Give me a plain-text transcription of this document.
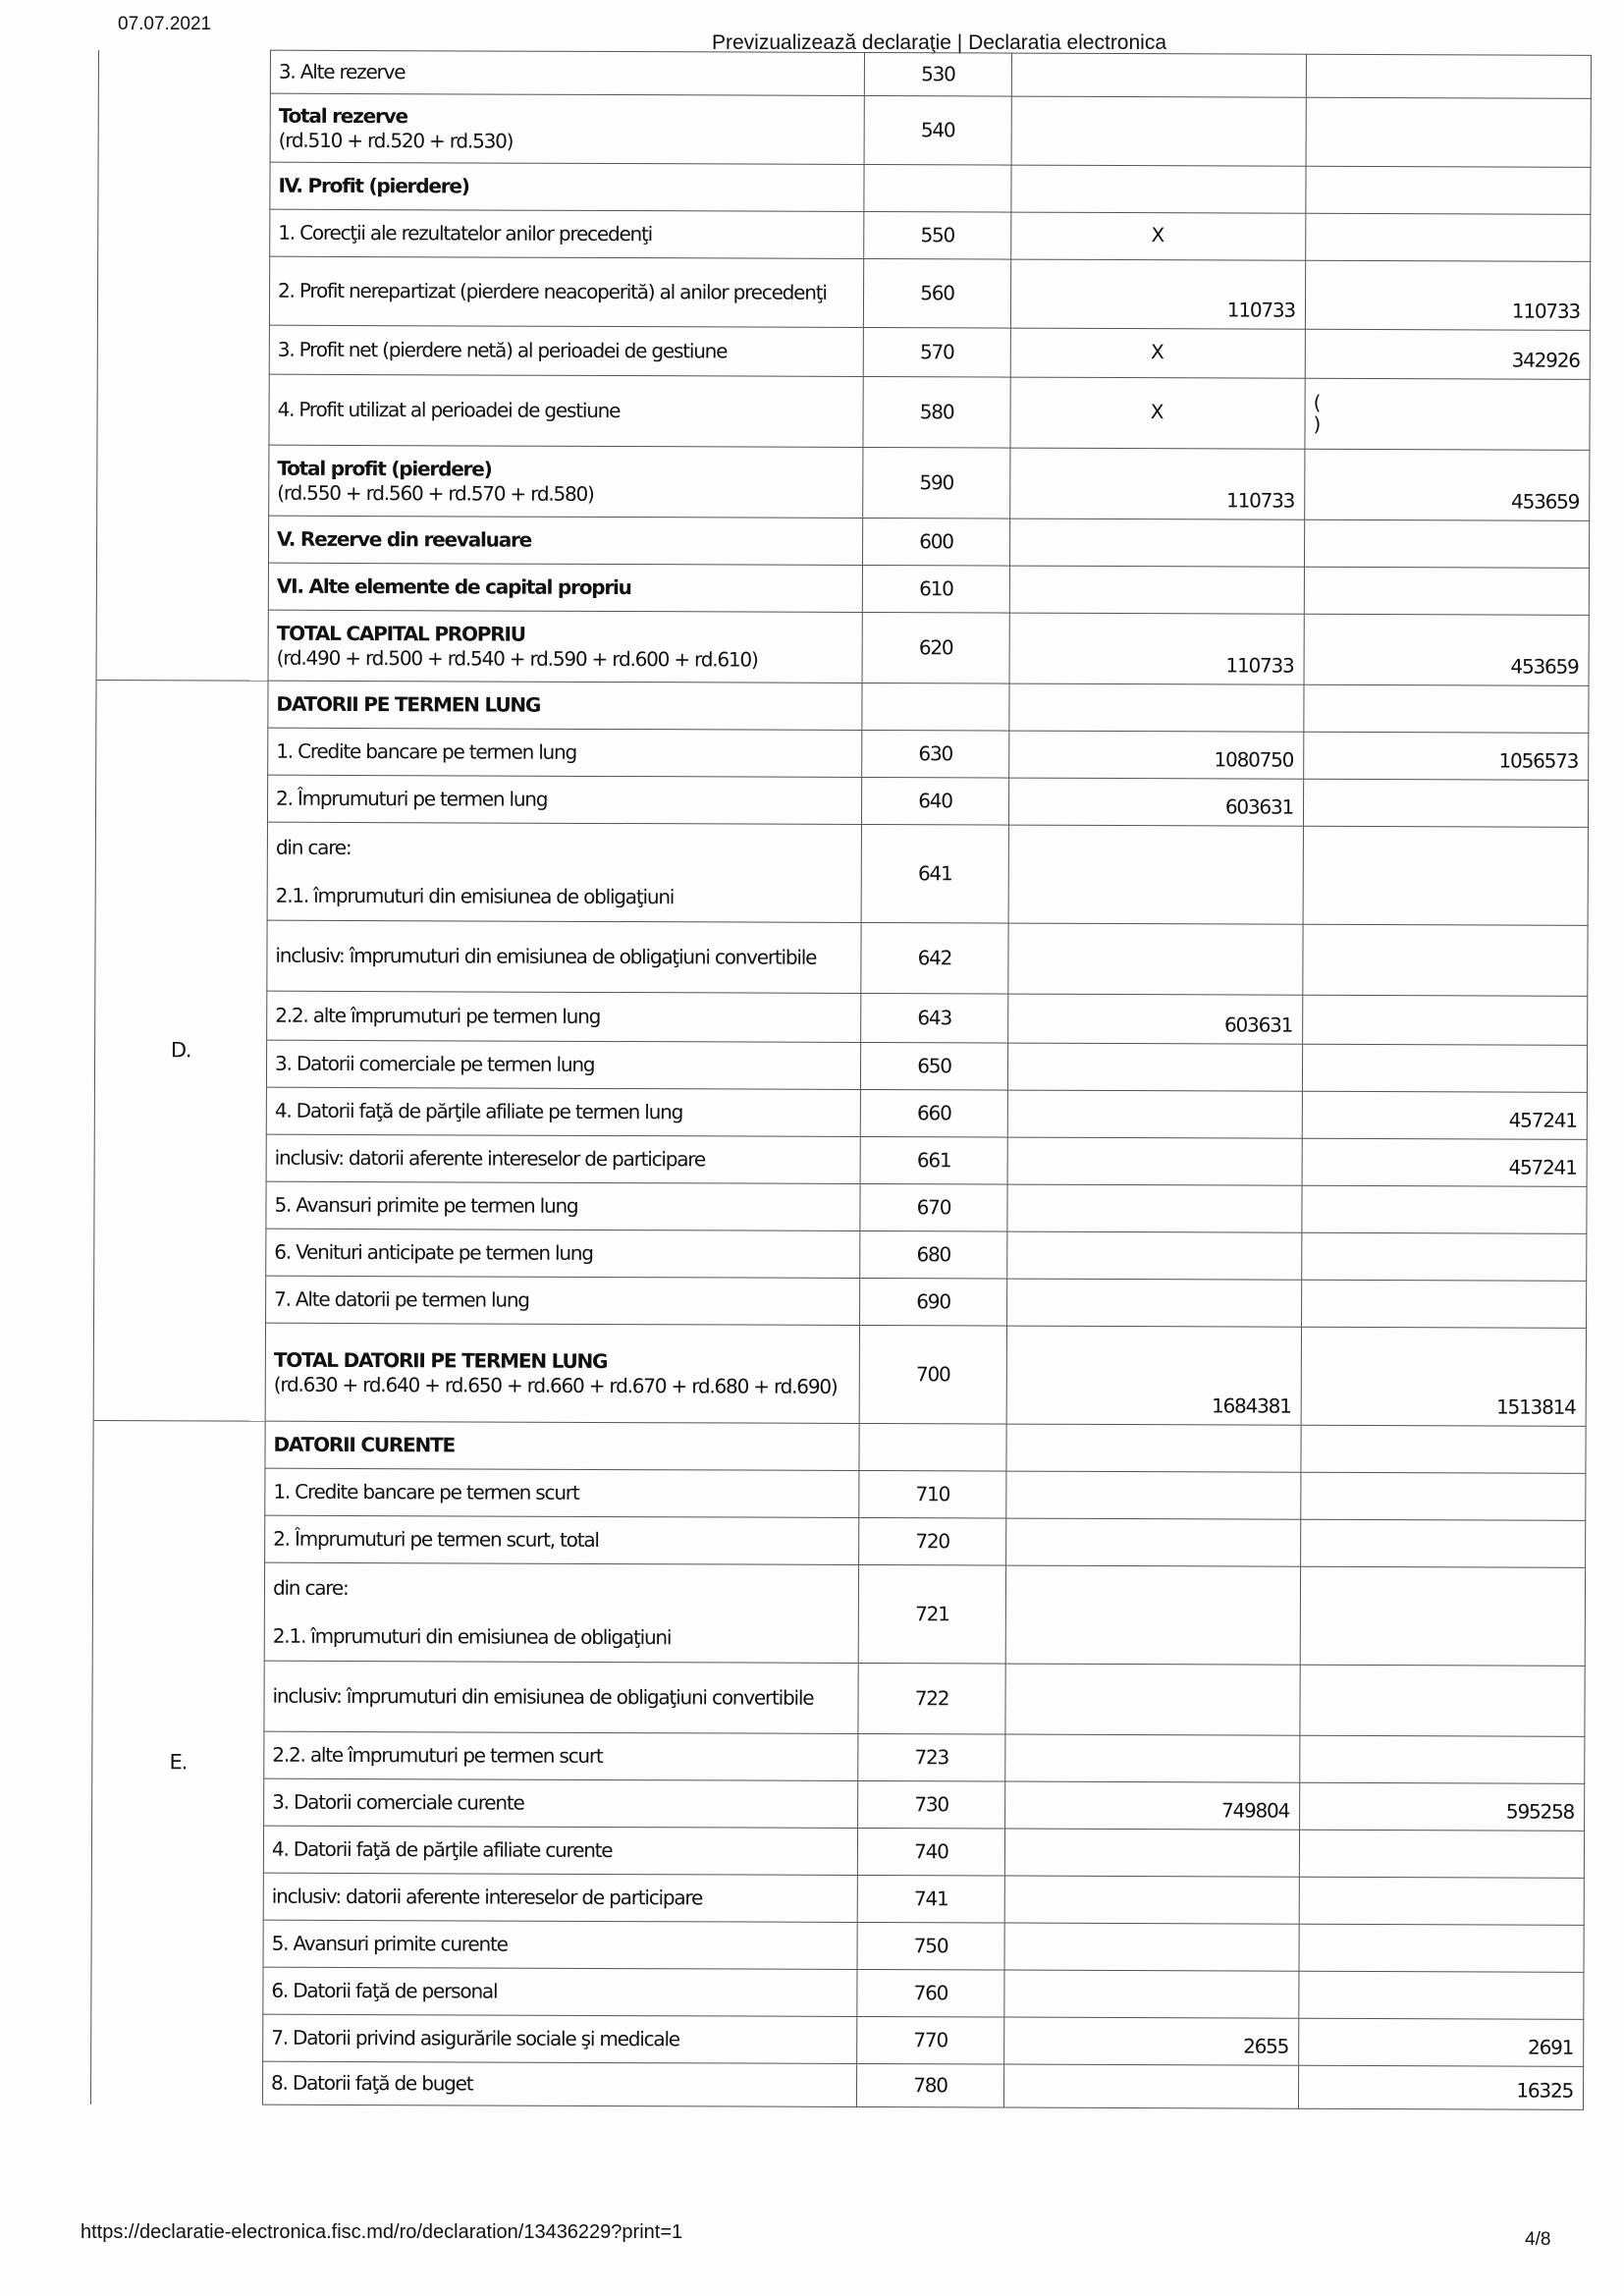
07.07.2021
Previzualizează declaraţie | Declaratia electronica

	3. Alte rezerve	530		

	Total rezerve
(rd.510 + rd.520 + rd.530)	540		

	IV. Profit (pierdere)			

	1. Corecţii ale rezultatelor anilor precedenţi	550	X	

	2. Profit nerepartizat (pierdere neacoperită) al anilor precedenţi	560	110733	110733

	3. Profit net (pierdere netă) al perioadei de gestiune	570	X	342926

	4. Profit utilizat al perioadei de gestiune	580	X	(
)

	Total profit (pierdere)
(rd.550 + rd.560 + rd.570 + rd.580)	590	110733	453659

	V. Rezerve din reevaluare	600		

	VI. Alte elemente de capital propriu	610		

	TOTAL CAPITAL PROPRIU
(rd.490 + rd.500 + rd.540 + rd.590 + rd.600 + rd.610)	620	110733	453659
D.	DATORII PE TERMEN LUNG			

	1. Credite bancare pe termen lung	630	1080750	1056573

	2. Împrumuturi pe termen lung	640	603631	

	din care:
2.1. împrumuturi din emisiunea de obligaţiuni	641		

	inclusiv: împrumuturi din emisiunea de obligaţiuni convertibile	642		

	2.2. alte împrumuturi pe termen lung	643	603631	

	3. Datorii comerciale pe termen lung	650		

	4. Datorii faţă de părţile afiliate pe termen lung	660		457241

	inclusiv: datorii aferente intereselor de participare	661		457241

	5. Avansuri primite pe termen lung	670		

	6. Venituri anticipate pe termen lung	680		

	7. Alte datorii pe termen lung	690		

	TOTAL DATORII PE TERMEN LUNG
(rd.630 + rd.640 + rd.650 + rd.660 + rd.670 + rd.680 + rd.690)	700	1684381	1513814
E.	DATORII CURENTE			

	1. Credite bancare pe termen scurt	710		

	2. Împrumuturi pe termen scurt, total	720		

	din care:
2.1. împrumuturi din emisiunea de obligaţiuni	721		

	inclusiv: împrumuturi din emisiunea de obligaţiuni convertibile	722		

	2.2. alte împrumuturi pe termen scurt	723		

	3. Datorii comerciale curente	730	749804	595258

	4. Datorii faţă de părţile afiliate curente	740		

	inclusiv: datorii aferente intereselor de participare	741		

	5. Avansuri primite curente	750		

	6. Datorii faţă de personal	760		

	7. Datorii privind asigurările sociale şi medicale	770	2655	2691

	8. Datorii faţă de buget	780		16325
https://declaratie-electronica.fisc.md/ro/declaration/13436229?print=1	4/8
